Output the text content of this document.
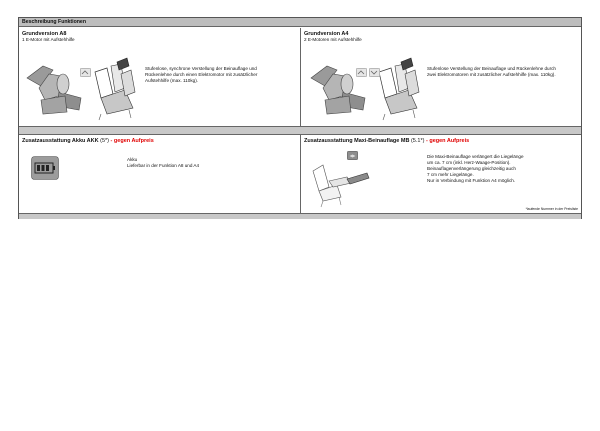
Beschreibung Funktionen
Grundversion A8
1 E-Motor mit Aufstehhilfe
Stufenlose, synchrone Verstellung der Beinauflage und Rückenlehne durch einen Elektromotor mit zusätzlicher Aufstehhilfe (max. 110kg).
Grundversion A4
2 E-Motoren mit Aufstehhilfe
Stufenlose Verstellung der Beinauflage und Rückenlehne durch zwei Elektromotoren mit zusätzlicher Aufstehhilfe (max. 110kg).
Zusatzausstattung Akku AKK (5*) - gegen Aufpreis
Akku
Lieferbar in der Funktion A8 und A4
Zusatzausstattung Maxi-Beinauflage MB (5.1*) - gegen Aufpreis
Die Maxi-Beinauflage verlängert die Liegelänge
um ca. 7 cm (inkl. Herz-Waage-Position).
Beinauflagenverlängerung gleichzeitig auch
7 cm mehr Liegelänge.
Nur in Verbindung mit Funktion A4 möglich.
*laufende Nummer in der Preisliste
